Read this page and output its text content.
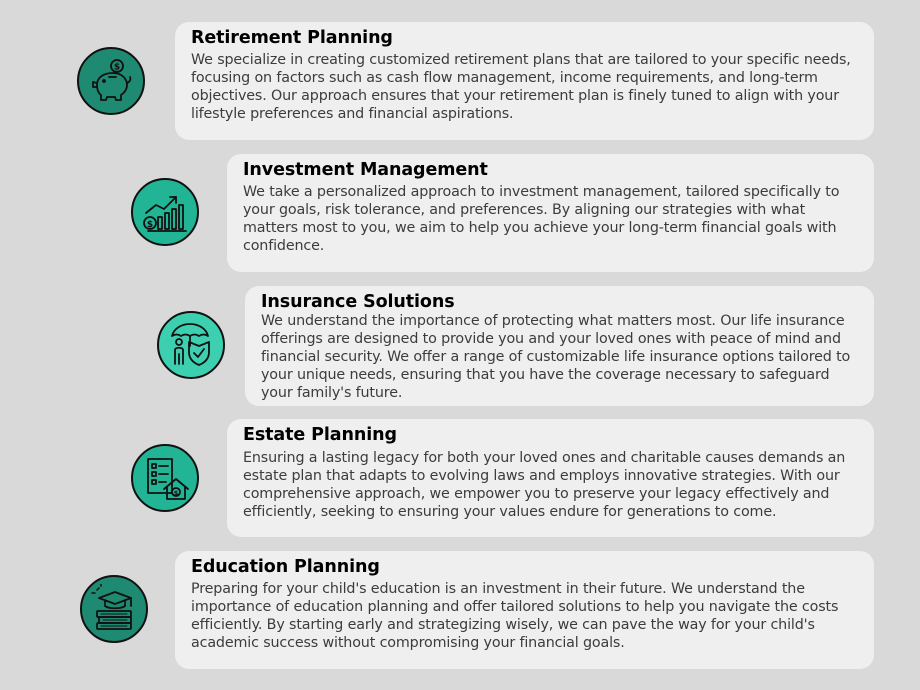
$
Retirement Planning

We specialize in creating customized retirement plans that are tailored to your specific needs,
focusing on factors such as cash flow management, income requirements, and long-term
objectives. Our approach ensures that your retirement plan is finely tuned to align with your
lifestyle preferences and financial aspirations.

$
Investment Management

We take a personalized approach to investment management, tailored specifically to
your goals, risk tolerance, and preferences. By aligning our strategies with what
matters most to you, we aim to help you achieve your long-term financial goals with
confidence.

Insurance Solutions

We understand the importance of protecting what matters most. Our life insurance
offerings are designed to provide you and your loved ones with peace of mind and
financial security. We offer a range of customizable life insurance options tailored to
your unique needs, ensuring that you have the coverage necessary to safeguard
your family's future.

$
Estate Planning

Ensuring a lasting legacy for both your loved ones and charitable causes demands an
estate plan that adapts to evolving laws and employs innovative strategies. With our
comprehensive approach, we empower you to preserve your legacy effectively and
efficiently, seeking to ensuring your values endure for generations to come.

Education Planning

Preparing for your child's education is an investment in their future. We understand the
importance of education planning and offer tailored solutions to help you navigate the costs
efficiently. By starting early and strategizing wisely, we can pave the way for your child's
academic success without compromising your financial goals.
